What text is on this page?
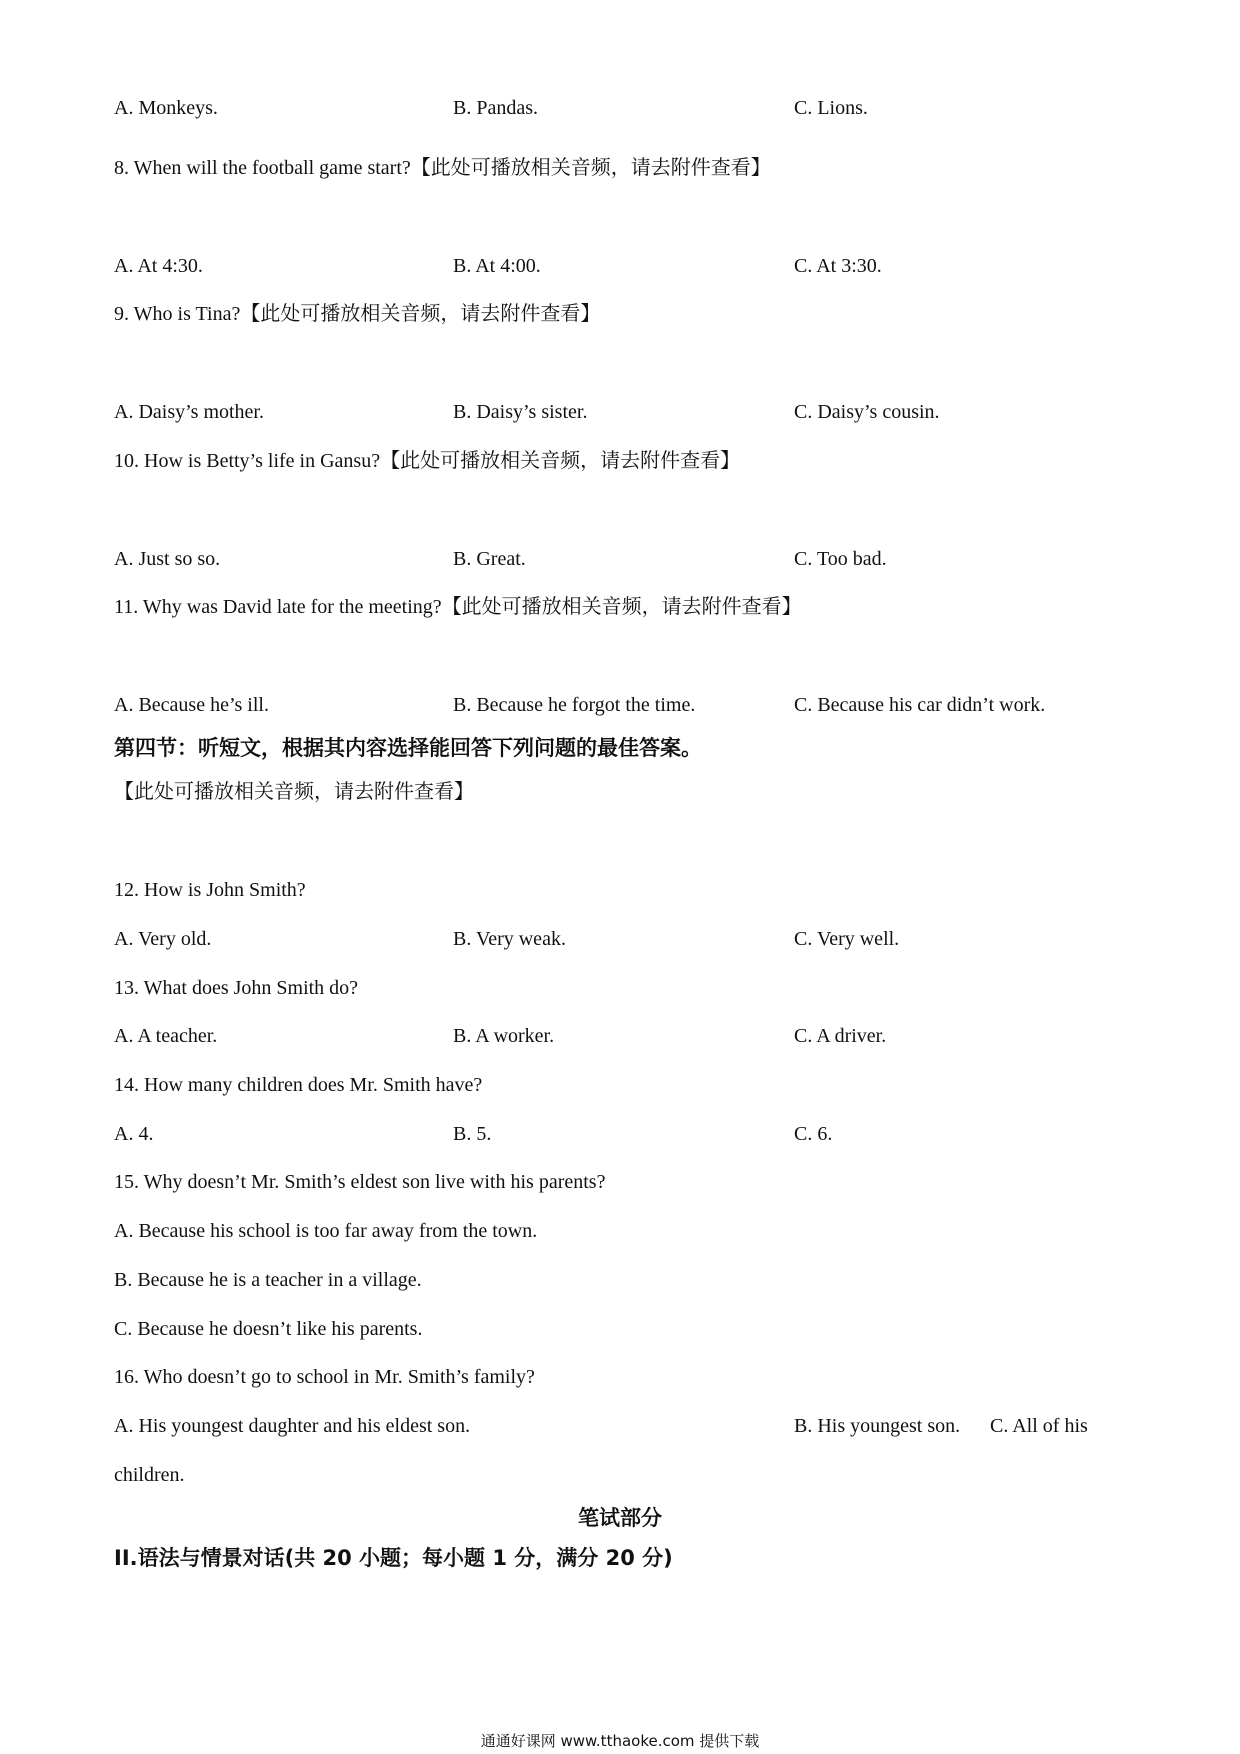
A. Monkeys.	B. Pandas.	C. Lions.
8. When will the football game start?【此处可播放相关音频，请去附件查看】
A. At 4:30.	B. At 4:00.	C. At 3:30.
9. Who is Tina?【此处可播放相关音频，请去附件查看】
A. Daisy’s mother.	B. Daisy’s sister.	C. Daisy’s cousin.
10. How is Betty’s life in Gansu?【此处可播放相关音频，请去附件查看】
A. Just so so.	B. Great.	C. Too bad.
11. Why was David late for the meeting?【此处可播放相关音频，请去附件查看】
A. Because he’s ill.	B. Because he forgot the time.	C. Because his car didn’t work.
第四节：听短文，根据其内容选择能回答下列问题的最佳答案。
【此处可播放相关音频，请去附件查看】
12. How is John Smith?
A. Very old.	B. Very weak.	C. Very well.
13. What does John Smith do?
A. A teacher.	B. A worker.	C. A driver.
14. How many children does Mr. Smith have?
A. 4.	B. 5.	C. 6.
15. Why doesn’t Mr. Smith’s eldest son live with his parents?
A. Because his school is too far away from the town.
B. Because he is a teacher in a village.
C. Because he doesn’t like his parents.
16. Who doesn’t go to school in Mr. Smith’s family?
A. His youngest daughter and his eldest son.	B. His youngest son. C. All of his
children.
笔试部分
II.语法与情景对话(共 20 小题；每小题 1 分，满分 20 分)
通通好课网 www.tthaoke.com 提供下载
